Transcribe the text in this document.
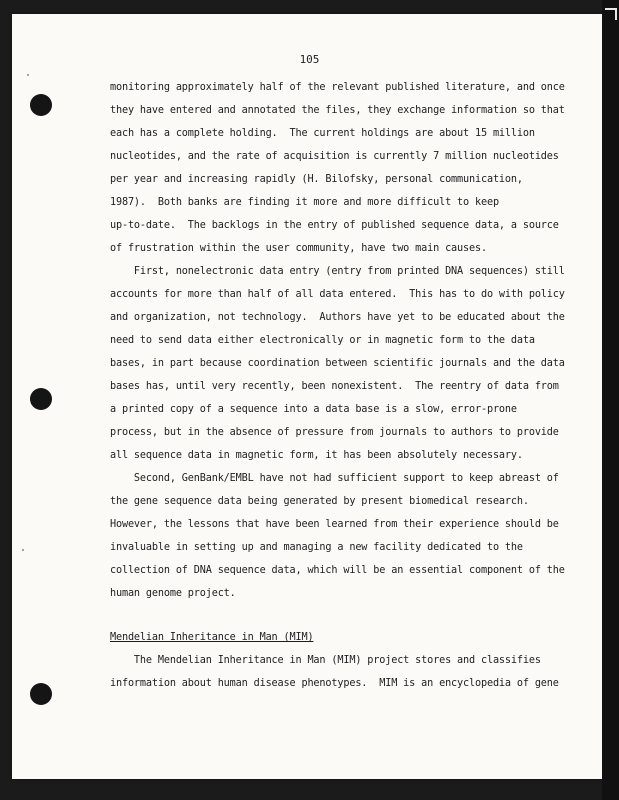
105
monitoring approximately half of the relevant published literature, and once
they have entered and annotated the files, they exchange information so that
each has a complete holding.  The current holdings are about 15 million
nucleotides, and the rate of acquisition is currently 7 million nucleotides
per year and increasing rapidly (H. Bilofsky, personal communication,
1987).  Both banks are finding it more and more difficult to keep
up-to-date.  The backlogs in the entry of published sequence data, a source
of frustration within the user community, have two main causes.
First, nonelectronic data entry (entry from printed DNA sequences) still
accounts for more than half of all data entered.  This has to do with policy
and organization, not technology.  Authors have yet to be educated about the
need to send data either electronically or in magnetic form to the data
bases, in part because coordination between scientific journals and the data
bases has, until very recently, been nonexistent.  The reentry of data from
a printed copy of a sequence into a data base is a slow, error-prone
process, but in the absence of pressure from journals to authors to provide
all sequence data in magnetic form, it has been absolutely necessary.
Second, GenBank/EMBL have not had sufficient support to keep abreast of
the gene sequence data being generated by present biomedical research.
However, the lessons that have been learned from their experience should be
invaluable in setting up and managing a new facility dedicated to the
collection of DNA sequence data, which will be an essential component of the
human genome project.
Mendelian Inheritance in Man (MIM)
The Mendelian Inheritance in Man (MIM) project stores and classifies
information about human disease phenotypes.  MIM is an encyclopedia of gene
